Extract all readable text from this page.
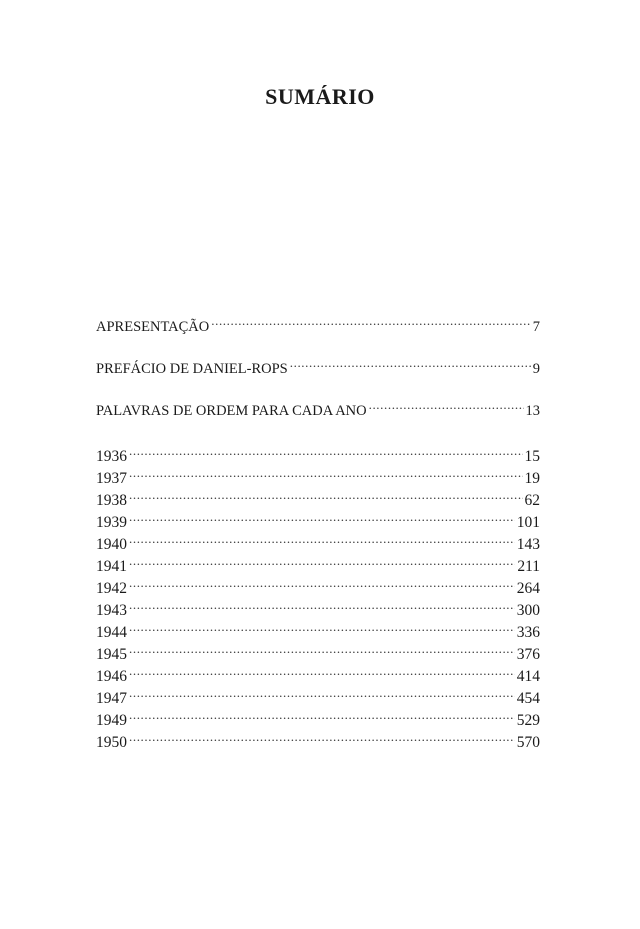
SUMÁRIO
APRESENTAÇÃO .....	7
PREFÁCIO DE DANIEL-ROPS .....	9
PALAVRAS DE ORDEM PARA CADA ANO .....	13
1936 .....	15
1937 .....	19
1938 .....	62
1939 .....	101
1940 .....	143
1941 .....	211
1942 .....	264
1943 .....	300
1944 .....	336
1945 .....	376
1946 .....	414
1947 .....	454
1949 .....	529
1950 .....	570
